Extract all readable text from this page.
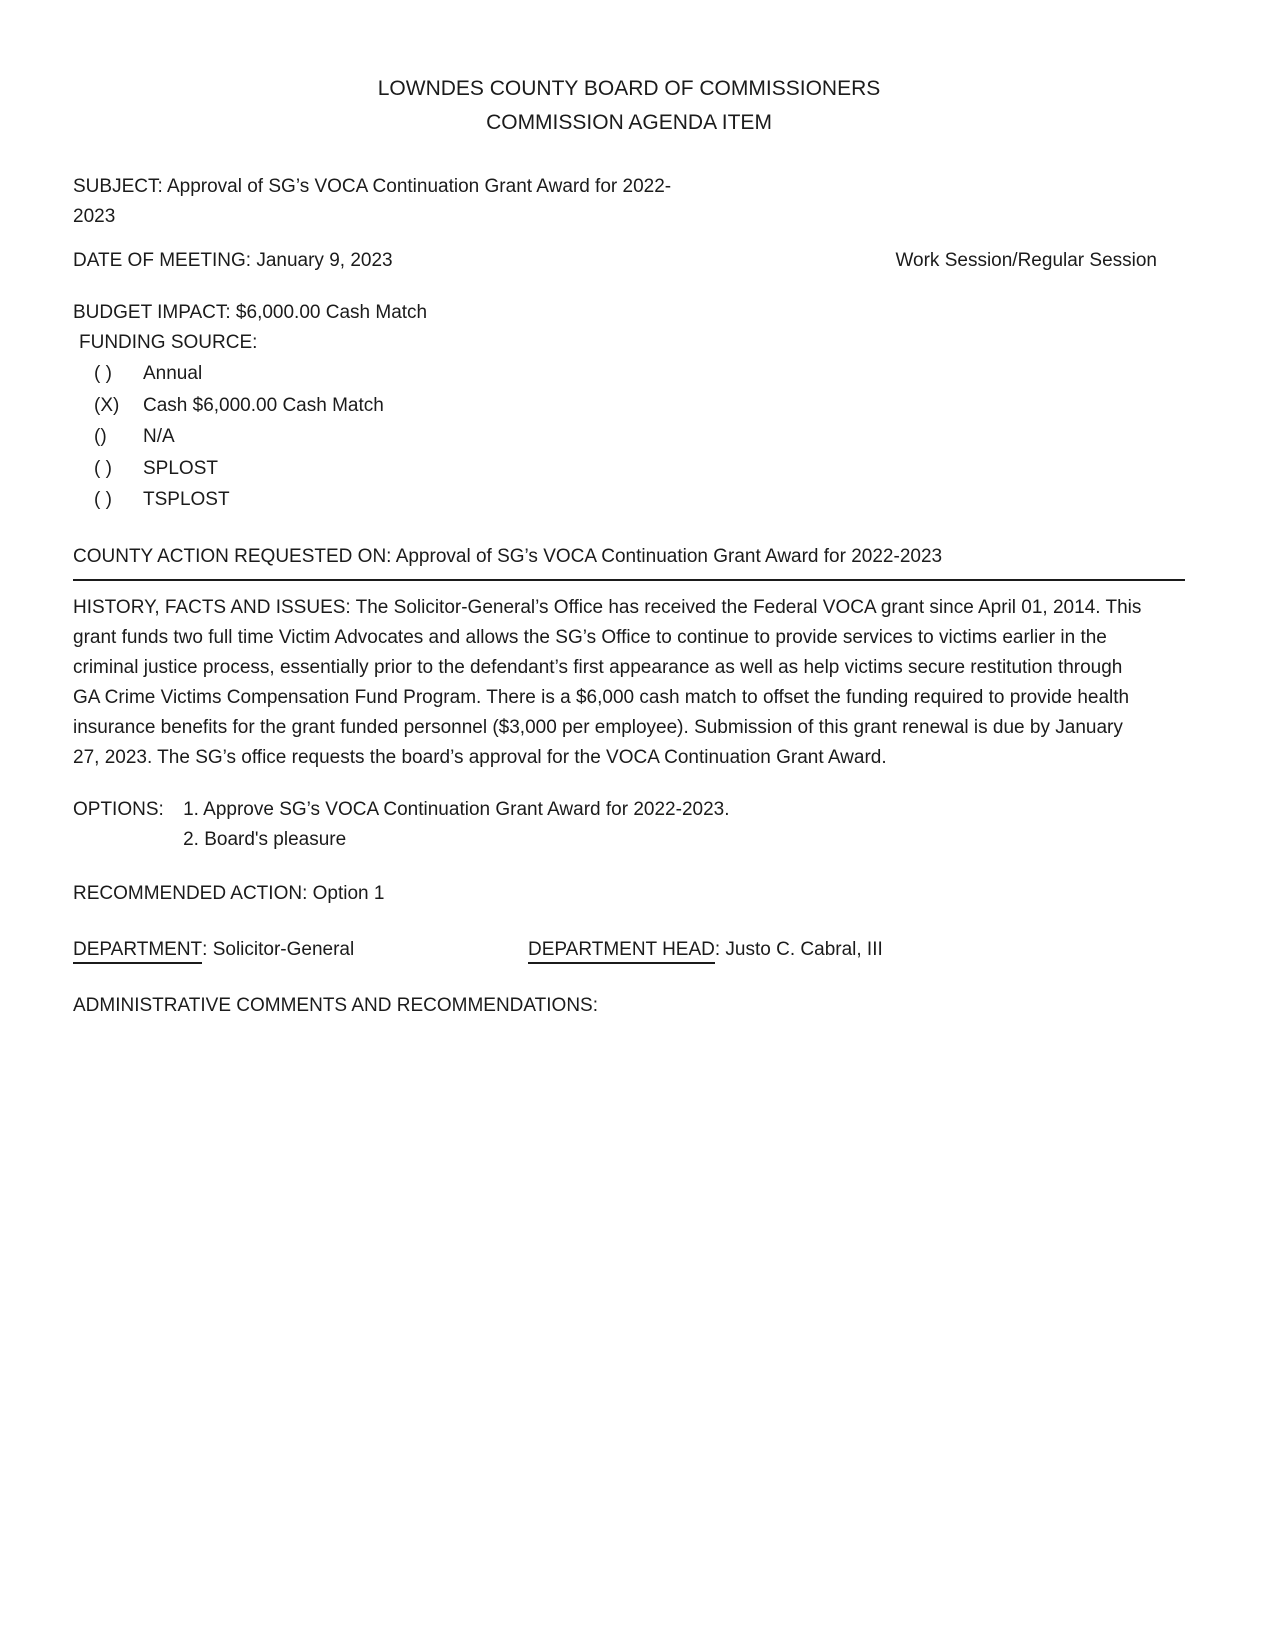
LOWNDES COUNTY BOARD OF COMMISSIONERS
COMMISSION AGENDA ITEM
SUBJECT: Approval of SG’s VOCA Continuation Grant Award for 2022-2023
DATE OF MEETING: January 9, 2023	Work Session/Regular Session
BUDGET IMPACT: $6,000.00 Cash Match
FUNDING SOURCE:
( )	Annual
(X)	Cash $6,000.00 Cash Match
()	N/A
( )	SPLOST
( )	TSPLOST
COUNTY ACTION REQUESTED ON: Approval of SG’s VOCA Continuation Grant Award for 2022-2023
HISTORY, FACTS AND ISSUES: The Solicitor-General’s Office has received the Federal VOCA grant since April 01, 2014. This grant funds two full time Victim Advocates and allows the SG’s Office to continue to provide services to victims earlier in the criminal justice process, essentially prior to the defendant’s first appearance as well as help victims secure restitution through GA Crime Victims Compensation Fund Program. There is a $6,000 cash match to offset the funding required to provide health insurance benefits for the grant funded personnel ($3,000 per employee). Submission of this grant renewal is due by January 27, 2023. The SG’s office requests the board’s approval for the VOCA Continuation Grant Award.
OPTIONS: 1. Approve SG’s VOCA Continuation Grant Award for 2022-2023.
2. Board's pleasure
RECOMMENDED ACTION: Option 1
DEPARTMENT: Solicitor-General	DEPARTMENT HEAD: Justo C. Cabral, III
ADMINISTRATIVE COMMENTS AND RECOMMENDATIONS:
